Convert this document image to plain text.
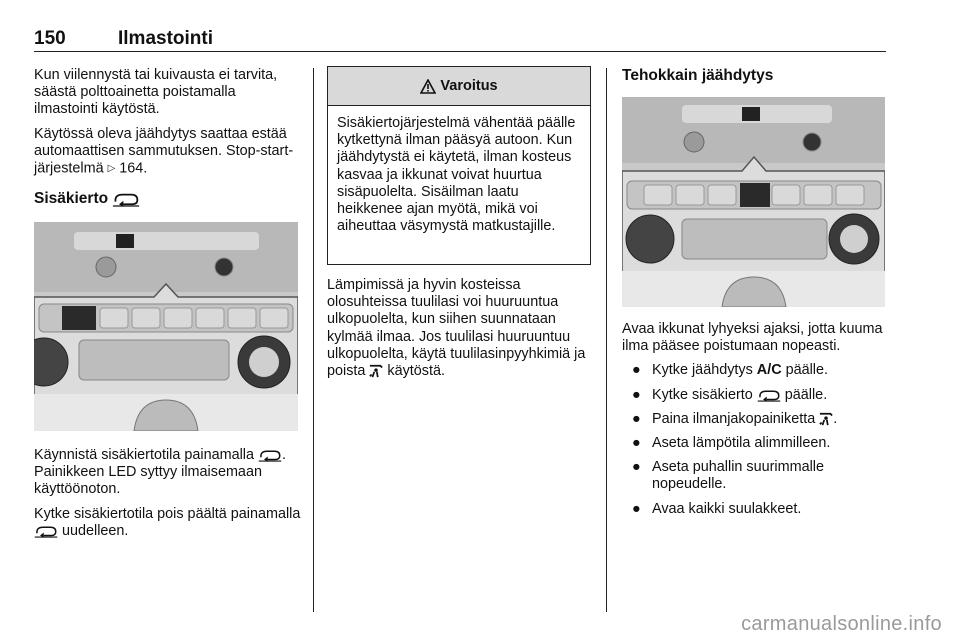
150	Ilmastointi

Kun viilennystä tai kuivausta ei tarvita, säästä polttoainetta poistamalla ilmastointi käytöstä.

Käytössä oleva jäähdytys saattaa estää automaattisen sammutuksen. Stop-start-järjestelmä ▷ 164.

Sisäkierto

Käynnistä sisäkiertotila painamalla . Painikkeen LED syttyy ilmaisemaan käyttöönoton.

Kytke sisäkiertotila pois päältä painamalla  uudelleen.

Varoitus
Sisäkiertojärjestelmä vähentää päälle kytkettynä ilman pääsyä autoon. Kun jäähdytystä ei käytetä, ilman kosteus kasvaa ja ikkunat voivat huurtua sisäpuolelta. Sisäilman laatu heikkenee ajan myötä, mikä voi aiheuttaa väsymystä matkustajille.

Lämpimissä ja hyvin kosteissa olosuhteissa tuulilasi voi huuruuntua ulkopuolelta, kun siihen suunnataan kylmää ilmaa. Jos tuulilasi huuruuntuu ulkopuolelta, käytä tuulilasinpyyhkimiä ja poista käytöstä.

Tehokkain jäähdytys

Avaa ikkunat lyhyeksi ajaksi, jotta kuuma ilma pääsee poistumaan nopeasti.

● Kytke jäähdytys A/C päälle.
● Kytke sisäkierto päälle.
● Paina ilmanjakopainiketta .
● Aseta lämpötila alimmilleen.
● Aseta puhallin suurimmalle nopeudelle.
● Avaa kaikki suulakkeet.
carmanualsonline.info
